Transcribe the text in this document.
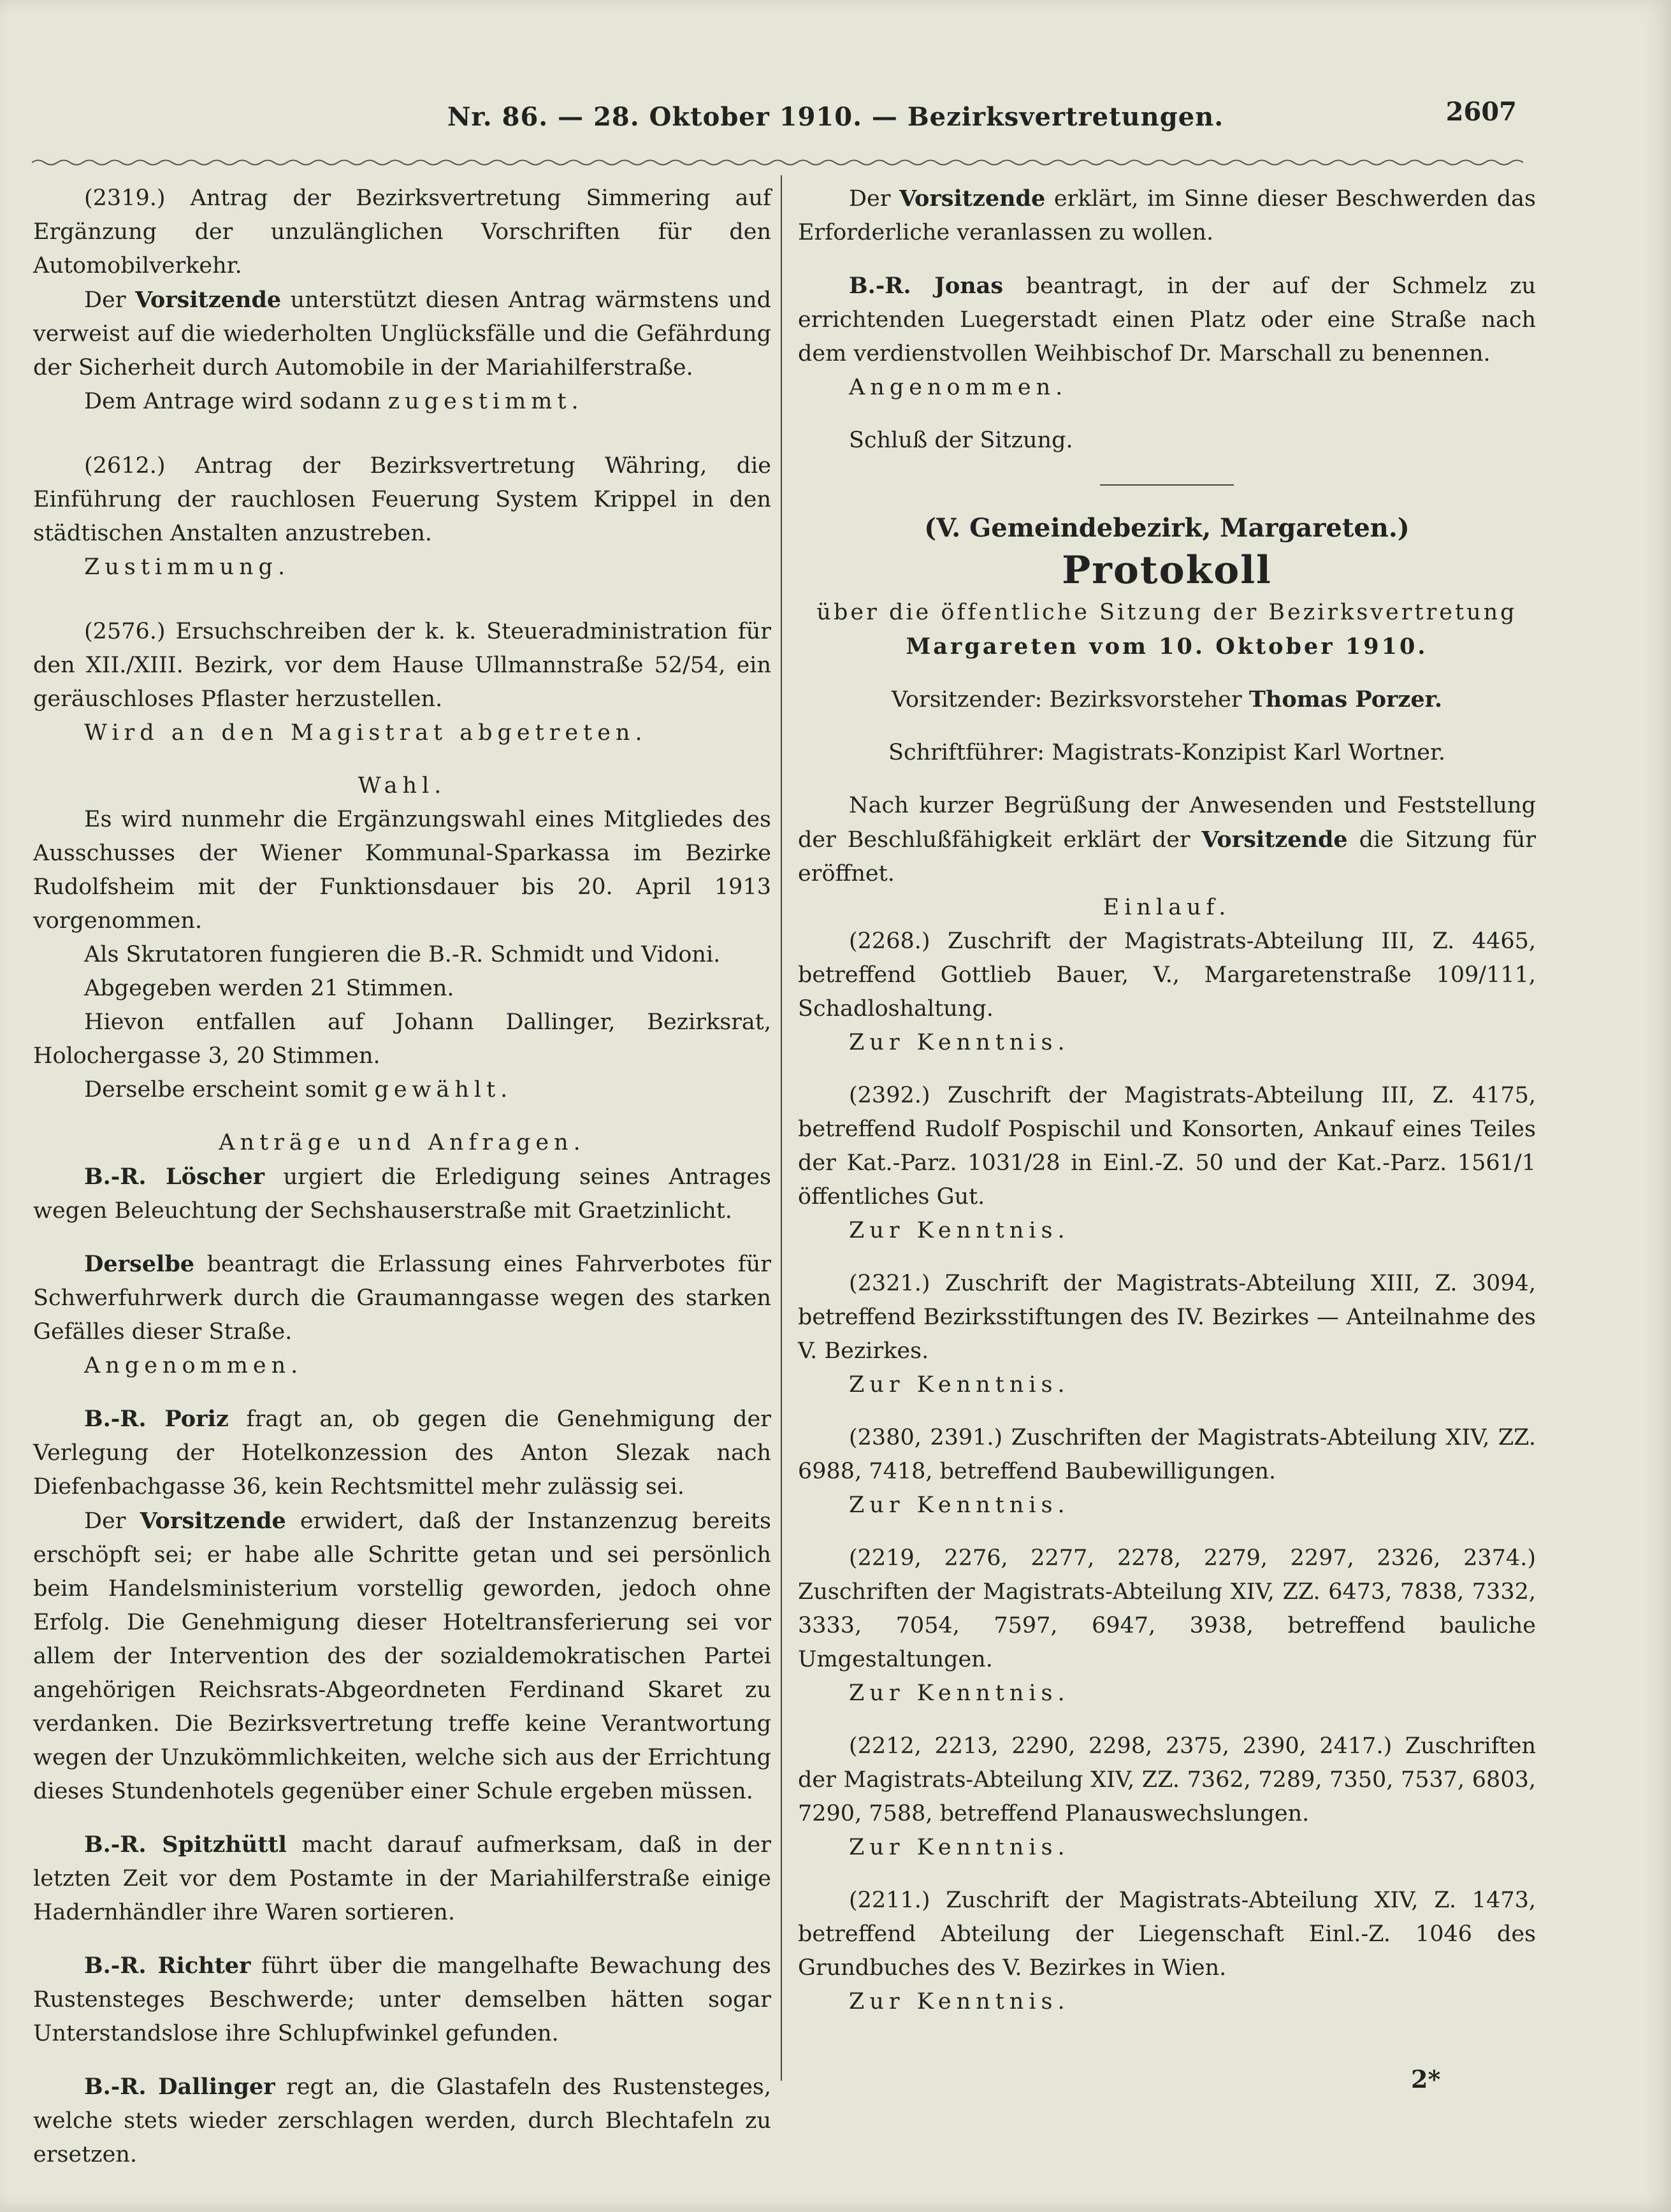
Nr. 86. — 28. Oktober 1910. — Bezirksvertretungen.	2607

(2319.) Antrag der Bezirksvertretung Simmering auf Ergänzung der unzulänglichen Vorschriften für den Automobilverkehr.

Der Vorsitzende unterstützt diesen Antrag wärmstens und verweist auf die wiederholten Unglücksfälle und die Gefährdung der Sicherheit durch Automobile in der Mariahilferstraße.

Dem Antrage wird sodann zugestimmt.

(2612.) Antrag der Bezirksvertretung Währing, die Einführung der rauchlosen Feuerung System Krippel in den städtischen Anstalten anzustreben.

Zustimmung.

(2576.) Ersuchschreiben der k. k. Steueradministration für den XII./XIII. Bezirk, vor dem Hause Ullmannstraße 52/54, ein geräuschloses Pflaster herzustellen.

Wird an den Magistrat abgetreten.

Wahl.

Es wird nunmehr die Ergänzungswahl eines Mitgliedes des Ausschusses der Wiener Kommunal-Sparkassa im Bezirke Rudolfsheim mit der Funktionsdauer bis 20. April 1913 vorgenommen.

Als Skrutatoren fungieren die B.-R. Schmidt und Vidoni.

Abgegeben werden 21 Stimmen.

Hievon entfallen auf Johann Dallinger, Bezirksrat, Holochergasse 3, 20 Stimmen.

Derselbe erscheint somit gewählt.

Anträge und Anfragen.

B.-R. Löscher urgiert die Erledigung seines Antrages wegen Beleuchtung der Sechshauserstraße mit Graetzinlicht.

Derselbe beantragt die Erlassung eines Fahrverbotes für Schwerfuhrwerk durch die Graumanngasse wegen des starken Gefälles dieser Straße.

Angenommen.

B.-R. Poriz fragt an, ob gegen die Genehmigung der Verlegung der Hotelkonzession des Anton Slezak nach Diefenbachgasse 36, kein Rechtsmittel mehr zulässig sei.

Der Vorsitzende erwidert, daß der Instanzenzug bereits erschöpft sei; er habe alle Schritte getan und sei persönlich beim Handelsministerium vorstellig geworden, jedoch ohne Erfolg. Die Genehmigung dieser Hoteltransferierung sei vor allem der Intervention des der sozialdemokratischen Partei angehörigen Reichsrats-Abgeordneten Ferdinand Skaret zu verdanken. Die Bezirksvertretung treffe keine Verantwortung wegen der Unzukömmlichkeiten, welche sich aus der Errichtung dieses Stundenhotels gegenüber einer Schule ergeben müssen.

B.-R. Spitzhüttl macht darauf aufmerksam, daß in der letzten Zeit vor dem Postamte in der Mariahilferstraße einige Hadernhändler ihre Waren sortieren.

B.-R. Richter führt über die mangelhafte Bewachung des Rustensteges Beschwerde; unter demselben hätten sogar Unterstandslose ihre Schlupfwinkel gefunden.

B.-R. Dallinger regt an, die Glastafeln des Rustensteges, welche stets wieder zerschlagen werden, durch Blechtafeln zu ersetzen.

Der Vorsitzende erklärt, im Sinne dieser Beschwerden das Erforderliche veranlassen zu wollen.

B.-R. Jonas beantragt, in der auf der Schmelz zu errichtenden Luegerstadt einen Platz oder eine Straße nach dem verdienstvollen Weihbischof Dr. Marschall zu benennen.

Angenommen.

Schluß der Sitzung.

(V. Gemeindebezirk, Margareten.)

Protokoll

über die öffentliche Sitzung der Bezirksvertretung

Margareten vom 10. Oktober 1910.

Vorsitzender: Bezirksvorsteher Thomas Porzer.

Schriftführer: Magistrats-Konzipist Karl Wortner.

Nach kurzer Begrüßung der Anwesenden und Feststellung der Beschlußfähigkeit erklärt der Vorsitzende die Sitzung für eröffnet.

Einlauf.

(2268.) Zuschrift der Magistrats-Abteilung III, Z. 4465, betreffend Gottlieb Bauer, V., Margaretenstraße 109/111, Schadloshaltung.

Zur Kenntnis.

(2392.) Zuschrift der Magistrats-Abteilung III, Z. 4175, betreffend Rudolf Pospischil und Konsorten, Ankauf eines Teiles der Kat.-Parz. 1031/28 in Einl.-Z. 50 und der Kat.-Parz. 1561/1 öffentliches Gut.

Zur Kenntnis.

(2321.) Zuschrift der Magistrats-Abteilung XIII, Z. 3094, betreffend Bezirksstiftungen des IV. Bezirkes — Anteilnahme des V. Bezirkes.

Zur Kenntnis.

(2380, 2391.) Zuschriften der Magistrats-Abteilung XIV, ZZ. 6988, 7418, betreffend Baubewilligungen.

Zur Kenntnis.

(2219, 2276, 2277, 2278, 2279, 2297, 2326, 2374.) Zuschriften der Magistrats-Abteilung XIV, ZZ. 6473, 7838, 7332, 3333, 7054, 7597, 6947, 3938, betreffend bauliche Umgestaltungen.

Zur Kenntnis.

(2212, 2213, 2290, 2298, 2375, 2390, 2417.) Zuschriften der Magistrats-Abteilung XIV, ZZ. 7362, 7289, 7350, 7537, 6803, 7290, 7588, betreffend Planauswechslungen.

Zur Kenntnis.

(2211.) Zuschrift der Magistrats-Abteilung XIV, Z. 1473, betreffend Abteilung der Liegenschaft Einl.-Z. 1046 des Grundbuches des V. Bezirkes in Wien.

Zur Kenntnis.

2*
